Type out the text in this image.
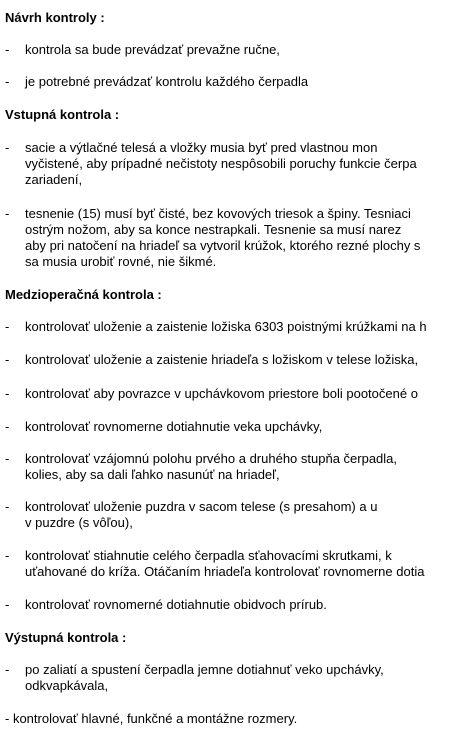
Návrh kontroly :
- kontrola sa bude prevádzať prevažne ručne,
- je potrebné prevádzať kontrolu každého čerpadla
Vstupná kontrola :
- sacie a výtlačné telesá a vložky musia byť pred vlastnou mon
vyčistené, aby prípadné nečistoty nespôsobili poruchy funkcie čerpa
zariadení,
- tesnenie (15) musí byť čisté, bez kovových triesok a špiny. Tesniaci
ostrým nožom, aby sa konce nestrapkali. Tesnenie sa musí narez
aby pri natočení na hriadeľ sa vytvoril krúžok, ktorého rezné plochy s
sa musia urobiť rovné, nie šikmé.
Medzioperačná kontrola :
- kontrolovať uloženie a zaistenie ložiska 6303 poistnými krúžkami na h
- kontrolovať uloženie a zaistenie hriadeľa s ložiskom v telese ložiska,
- kontrolovať aby povrazce v upchávkovom priestore boli pootočené o
- kontrolovať rovnomerne dotiahnutie veka upchávky,
- kontrolovať vzájomnú polohu prvého a druhého stupňa čerpadla,
kolies, aby sa dali ľahko nasunúť na hriadeľ,
- kontrolovať uloženie puzdra v sacom telese (s presahom) a u
v puzdre (s vôľou),
- kontrolovať stiahnutie celého čerpadla sťahovacími skrutkami, k
uťahované do kríža. Otáčaním hriadeľa kontrolovať rovnomerne dotia
- kontrolovať rovnomerné dotiahnutie obidvoch prírub.
Výstupná kontrola :
- po zaliatí a spustení čerpadla jemne dotiahnuť veko upchávky,
odkvapkávala,
- kontrolovať hlavné, funkčné a montážne rozmery.
